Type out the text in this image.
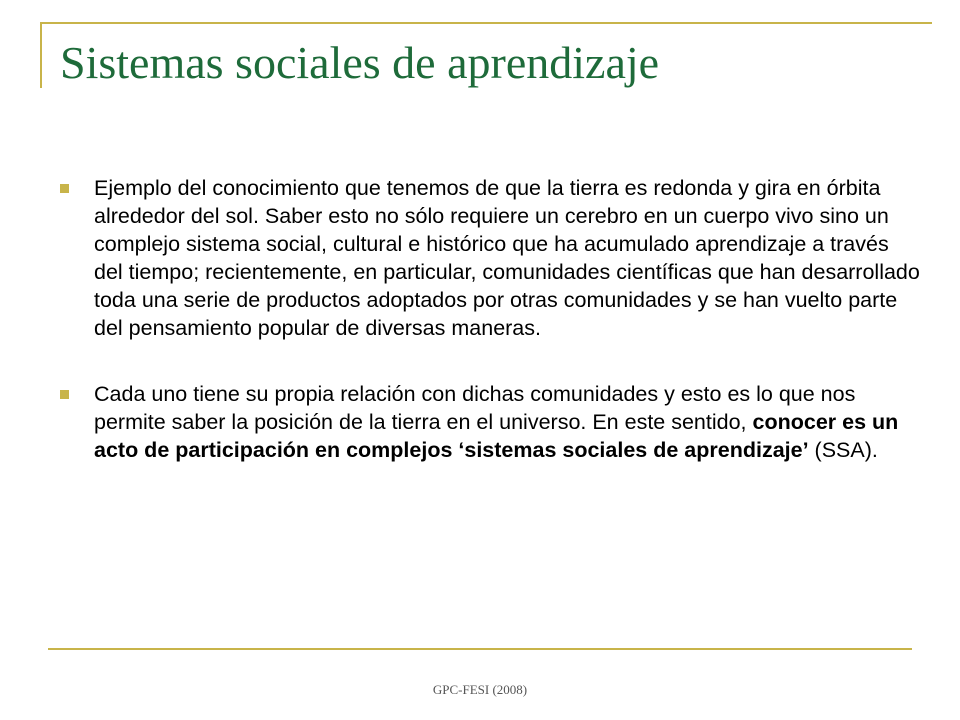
Sistemas sociales de aprendizaje
Ejemplo del conocimiento que tenemos de que la tierra es redonda y gira en órbita alrededor del sol. Saber esto no sólo requiere un cerebro en un cuerpo vivo sino un complejo sistema social, cultural e histórico que ha acumulado aprendizaje a través del tiempo; recientemente, en particular, comunidades científicas que han desarrollado toda una serie de productos adoptados por otras comunidades y se han vuelto parte del pensamiento popular de diversas maneras.
Cada uno tiene su propia relación con dichas comunidades y esto es lo que nos permite saber la posición de la tierra en el universo. En este sentido, conocer es un acto de participación en complejos ‘sistemas sociales de aprendizaje’ (SSA).
GPC-FESI (2008)
